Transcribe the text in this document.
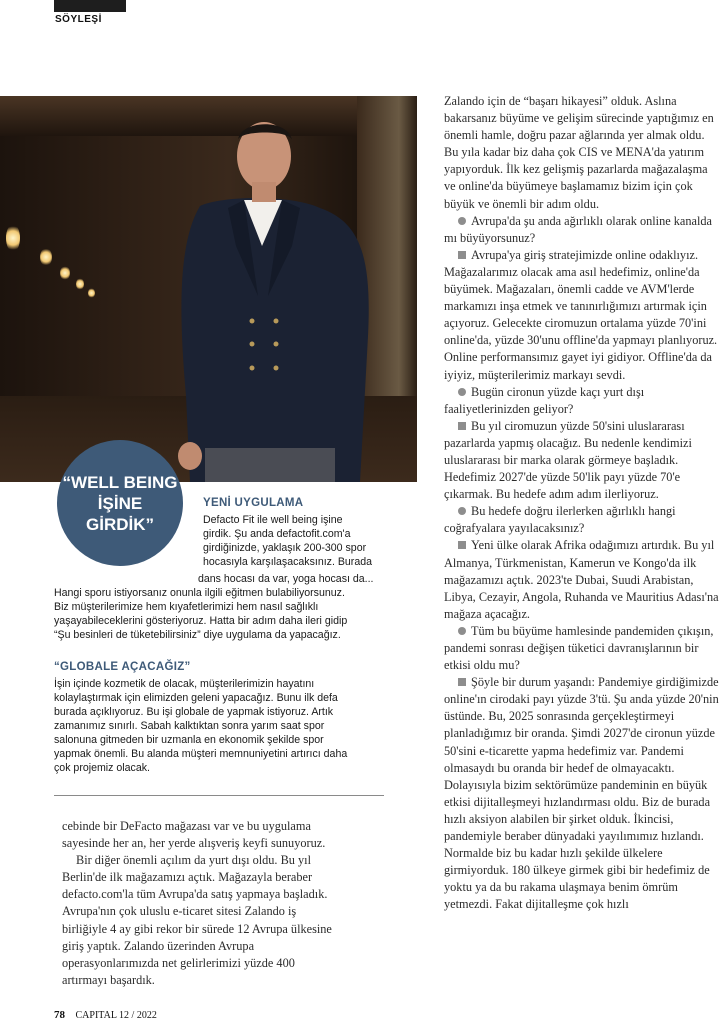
SÖYLEŞİ
“WELL BEING İŞİNE GİRDİK”
YENİ UYGULAMA
Defacto Fit ile well being işine
girdik. Şu anda defactofit.com'a
girdiğinizde, yaklaşık 200-300 spor
hocasıyla karşılaşacaksınız. Burada
dans hocası da var, yoga hocası da...
Hangi sporu istiyorsanız onunla ilgili eğitmen bulabiliyorsunuz.
Biz müşterilerimize hem kıyafetlerimizi hem nasıl sağlıklı
yaşayabileceklerini gösteriyoruz. Hatta bir adım daha ileri gidip
“Şu besinleri de tüketebilirsiniz” diye uygulama da yapacağız.
“GLOBALE AÇACAĞIZ”
İşin içinde kozmetik de olacak, müşterilerimizin hayatını
kolaylaştırmak için elimizden geleni yapacağız. Bunu ilk defa
burada açıklıyoruz. Bu işi globale de yapmak istiyoruz. Artık
zamanımız sınırlı. Sabah kalktıktan sonra yarım saat spor
salonuna gitmeden bir uzmanla en ekonomik şekilde spor
yapmak önemli. Bu alanda müşteri memnuniyetini artırıcı daha
çok projemiz olacak.

cebinde bir DeFacto mağazası var ve bu uygulama sayesinde her an, her yerde alışveriş keyfi sunuyoruz.

Bir diğer önemli açılım da yurt dışı oldu. Bu yıl Berlin'de ilk mağazamızı açtık. Mağazayla beraber defacto.com'la tüm Avrupa'da satış yapmaya başladık. Avrupa'nın çok uluslu e-ticaret sitesi Zalando iş birliğiyle 4 ay gibi rekor bir sürede 12 Avrupa ülkesine giriş yaptık. Zalando üzerinden Avrupa operasyonlarımızda net gelirlerimizi yüzde 400 artırmayı başardık.

Zalando için de “başarı hikayesi” olduk. Aslına bakarsanız büyüme ve gelişim sürecinde yaptığımız en önemli hamle, doğru pazar ağlarında yer almak oldu. Bu yıla kadar biz daha çok CIS ve MENA'da yatırım yapıyorduk. İlk kez gelişmiş pazarlarda mağazalaşma ve online'da büyümeye başlamamız bizim için çok büyük ve önemli bir adım oldu.

Avrupa'da şu anda ağırlıklı olarak online kanalda mı büyüyorsunuz?

Avrupa'ya giriş stratejimizde online odaklıyız. Mağazalarımız olacak ama asıl hedefimiz, online'da büyümek. Mağazaları, önemli cadde ve AVM'lerde markamızı inşa etmek ve tanınırlığımızı artırmak için açıyoruz. Gelecekte ciromuzun ortalama yüzde 70'ini online'da, yüzde 30'unu offline'da yapmayı planlıyoruz. Online performansımız gayet iyi gidiyor. Offline'da da iyiyiz, müşterilerimiz markayı sevdi.

Bugün cironun yüzde kaçı yurt dışı faaliyetlerinizden geliyor?

Bu yıl ciromuzun yüzde 50'sini uluslararası pazarlarda yapmış olacağız. Bu nedenle kendimizi uluslararası bir marka olarak görmeye başladık. Hedefimiz 2027'de yüzde 50'lik payı yüzde 70'e çıkarmak. Bu hedefe adım adım ilerliyoruz.

Bu hedefe doğru ilerlerken ağırlıklı hangi coğrafyalara yayılacaksınız?

Yeni ülke olarak Afrika odağımızı artırdık. Bu yıl Almanya, Türkmenistan, Kamerun ve Kongo'da ilk mağazamızı açtık. 2023'te Dubai, Suudi Arabistan, Libya, Cezayir, Angola, Ruhanda ve Mauritius Adası'na mağaza açacağız.

Tüm bu büyüme hamlesinde pandemiden çıkışın, pandemi sonrası değişen tüketici davranışlarının bir etkisi oldu mu?

Şöyle bir durum yaşandı: Pandemiye girdiğimizde online'ın cirodaki payı yüzde 3'tü. Şu anda yüzde 20'nin üstünde. Bu, 2025 sonrasında gerçekleştirmeyi planladığımız bir oranda. Şimdi 2027'de cironun yüzde 50'sini e-ticarette yapma hedefimiz var. Pandemi olmasaydı bu oranda bir hedef de olmayacaktı. Dolayısıyla bizim sektörümüze pandeminin en büyük etkisi dijitalleşmeyi hızlandırması oldu. Biz de burada hızlı aksiyon alabilen bir şirket olduk. İkincisi, pandemiyle beraber dünyadaki yayılımımız hızlandı. Normalde biz bu kadar hızlı şekilde ülkelere girmiyorduk. 180 ülkeye girmek gibi bir hedefimiz de yoktu ya da bu rakama ulaşmaya benim ömrüm yetmezdi. Fakat dijitalleşme çok hızlı

78 CAPITAL 12 / 2022
